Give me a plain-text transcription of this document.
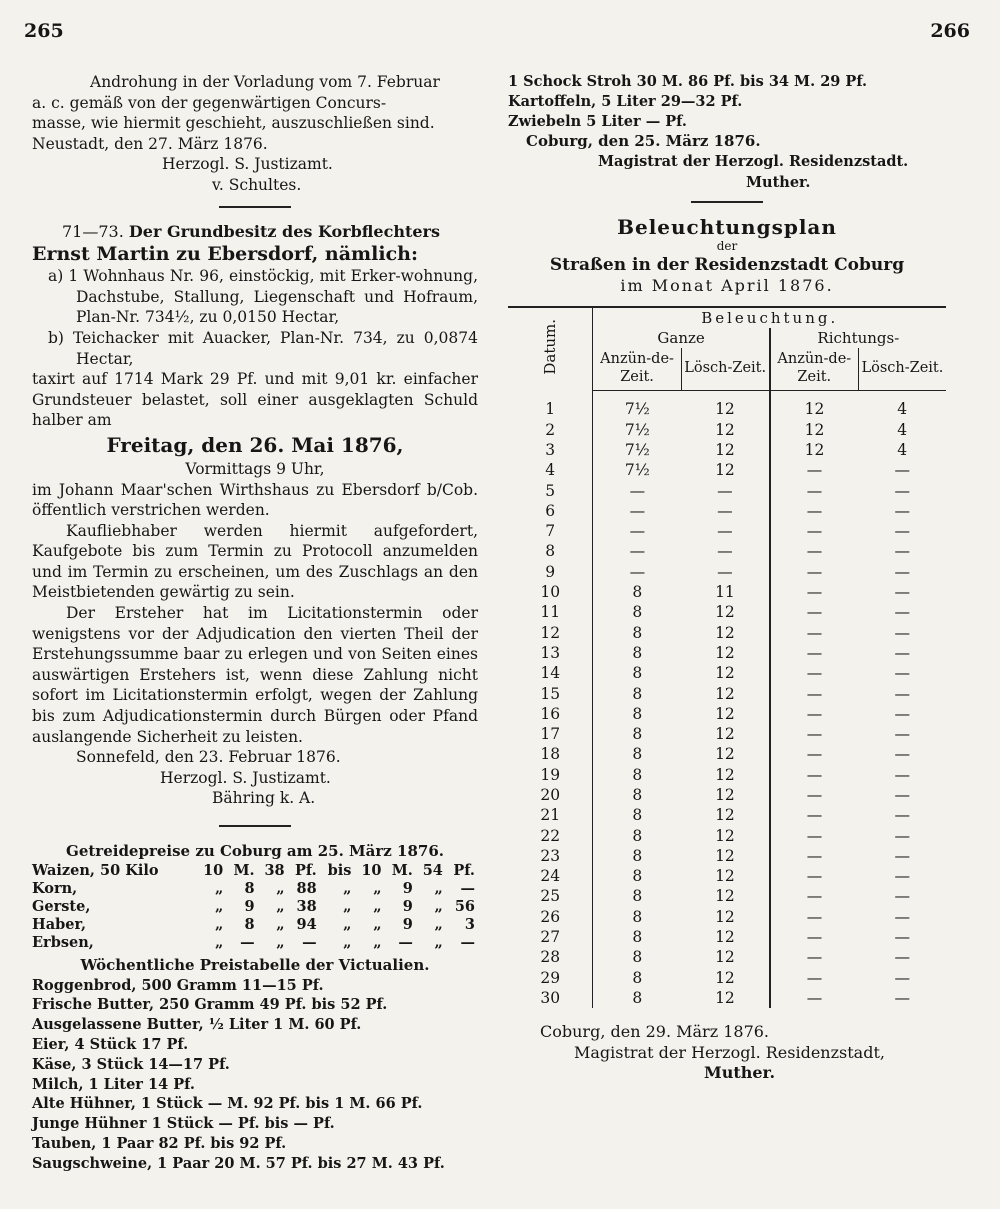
265	266

Androhung in der Vorladung vom 7. Februar

a. c. gemäß von der gegenwärtigen Concurs-

masse, wie hiermit geschieht, auszuschließen sind.

Neustadt, den 27. März 1876.

Herzogl. S. Justizamt.

v. Schultes.

71—73. Der Grundbesitz des Korbflechters

Ernst Martin zu Ebersdorf, nämlich:

a) 1 Wohnhaus Nr. 96, einstöckig, mit Erker-wohnung, Dachstube, Stallung, Liegenschaft und Hofraum, Plan-Nr. 734½, zu 0,0150 Hectar,

b) Teichacker mit Auacker, Plan-Nr. 734, zu 0,0874 Hectar,

taxirt auf 1714 Mark 29 Pf. und mit 9,01 kr. einfacher Grundsteuer belastet, soll einer ausgeklagten Schuld halber am

Freitag, den 26. Mai 1876,

Vormittags 9 Uhr,

im Johann Maar'schen Wirthshaus zu Ebersdorf b/Cob. öffentlich verstrichen werden.

Kaufliebhaber werden hiermit aufgefordert, Kaufgebote bis zum Termin zu Protocoll anzumelden und im Termin zu erscheinen, um des Zuschlags an den Meistbietenden gewärtig zu sein.

Der Ersteher hat im Licitationstermin oder wenigstens vor der Adjudication den vierten Theil der Erstehungssumme baar zu erlegen und von Seiten eines auswärtigen Erstehers ist, wenn diese Zahlung nicht sofort im Licitationstermin erfolgt, wegen der Zahlung bis zum Adjudicationstermin durch Bürgen oder Pfand auslangende Sicherheit zu leisten.

Sonnefeld, den 23. Februar 1876.

Herzogl. S. Justizamt.

Bähring k. A.

Getreidepreise zu Coburg am 25. März 1876.

Waizen, 50 Kilo	10	M.	38	Pf.	bis	10	M.	54	Pf.
Korn,	„	8	„	88	„	„	9	„	—
Gerste,	„	9	„	38	„	„	9	„	56
Haber,	„	8	„	94	„	„	9	„	3
Erbsen,	„	—	„	—	„	„	—	„	—

Wöchentliche Preistabelle der Victualien.

Roggenbrod, 500 Gramm 11—15 Pf.

Frische Butter, 250 Gramm 49 Pf. bis 52 Pf.

Ausgelassene Butter, ½ Liter 1 M. 60 Pf.

Eier, 4 Stück 17 Pf.

Käse, 3 Stück 14—17 Pf.

Milch, 1 Liter 14 Pf.

Alte Hühner, 1 Stück — M. 92 Pf. bis 1 M. 66 Pf.

Junge Hühner 1 Stück — Pf. bis — Pf.

Tauben, 1 Paar 82 Pf. bis 92 Pf.

Saugschweine, 1 Paar 20 M. 57 Pf. bis 27 M. 43 Pf.

1 Schock Stroh 30 M. 86 Pf. bis 34 M. 29 Pf.

Kartoffeln, 5 Liter 29—32 Pf.

Zwiebeln 5 Liter — Pf.

Coburg, den 25. März 1876.

Magistrat der Herzogl. Residenzstadt.

Muther.

Beleuchtungsplan

der

Straßen in der Residenzstadt Coburg

im Monat April 1876.

Datum.	Beleuchtung.			
	Ganze		Richtungs-	
	Anzün-de-Zeit.	Lösch-Zeit.	Anzün-de-Zeit.	Lösch-Zeit.
1	7½	12	12	4
2	7½	12	12	4
3	7½	12	12	4
4	7½	12	—	—
5	—	—	—	—
6	—	—	—	—
7	—	—	—	—
8	—	—	—	—
9	—	—	—	—
10	8	11	—	—
11	8	12	—	—
12	8	12	—	—
13	8	12	—	—
14	8	12	—	—
15	8	12	—	—
16	8	12	—	—
17	8	12	—	—
18	8	12	—	—
19	8	12	—	—
20	8	12	—	—
21	8	12	—	—
22	8	12	—	—
23	8	12	—	—
24	8	12	—	—
25	8	12	—	—
26	8	12	—	—
27	8	12	—	—
28	8	12	—	—
29	8	12	—	—
30	8	12	—	—

Coburg, den 29. März 1876.

Magistrat der Herzogl. Residenzstadt,

Muther.
